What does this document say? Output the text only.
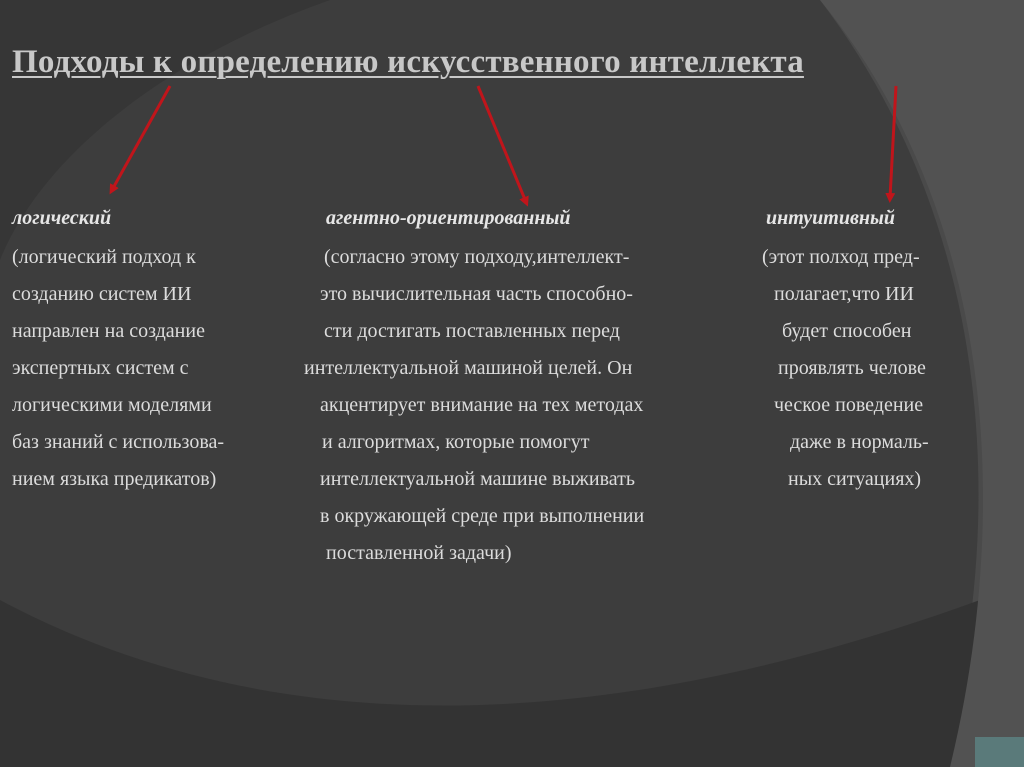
Подходы к определению искусственного интеллекта
логический
(логический подход к
созданию систем ИИ
направлен на создание
экспертных систем с
логическими моделями
баз знаний с использова-
нием языка предикатов)
агентно-ориентированный
(согласно этому подходу,интеллект-
это вычислительная часть способно-
сти достигать поставленных перед
интеллектуальной машиной целей. Он
акцентирует внимание на тех методах
и алгоритмах, которые помогут
интеллектуальной машине выживать
в окружающей среде при выполнении
поставленной задачи)
интуитивный
(этот полход пред-
полагает,что ИИ
будет способен
проявлять челове
ческое поведение
даже в нормаль-
ных ситуациях)
